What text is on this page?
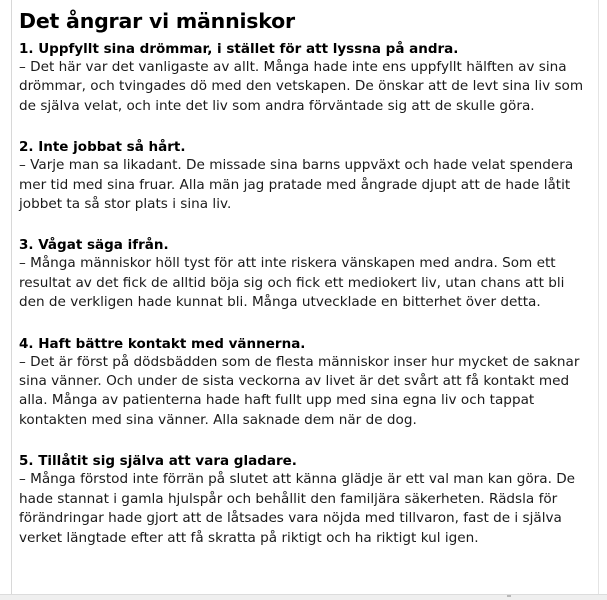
Det ångrar vi människor
1. Uppfyllt sina drömmar, i stället för att lyssna på andra.

– Det här var det vanligaste av allt. Många hade inte ens uppfyllt hälften av sina drömmar, och tvingades dö med den vetskapen. De önskar att de levt sina liv som de själva velat, och inte det liv som andra förväntade sig att de skulle göra.

2. Inte jobbat så hårt.

– Varje man sa likadant. De missade sina barns uppväxt och hade velat spendera mer tid med sina fruar. Alla män jag pratade med ångrade djupt att de hade låtit jobbet ta så stor plats i sina liv.

3. Vågat säga ifrån.

– Många människor höll tyst för att inte riskera vänskapen med andra. Som ett resultat av det fick de alltid böja sig och fick ett mediokert liv, utan chans att bli den de verkligen hade kunnat bli. Många utvecklade en bitterhet över detta.

4. Haft bättre kontakt med vännerna.

– Det är först på dödsbädden som de flesta människor inser hur mycket de saknar sina vänner. Och under de sista veckorna av livet är det svårt att få kontakt med alla. Många av patienterna hade haft fullt upp med sina egna liv och tappat kontakten med sina vänner. Alla saknade dem när de dog.

5. Tillåtit sig själva att vara gladare.

– Många förstod inte förrän på slutet att känna glädje är ett val man kan göra. De hade stannat i gamla hjulspår och behållit den familjära säkerheten. Rädsla för förändringar hade gjort att de låtsades vara nöjda med tillvaron, fast de i själva verket längtade efter att få skratta på riktigt och ha riktigt kul igen.
